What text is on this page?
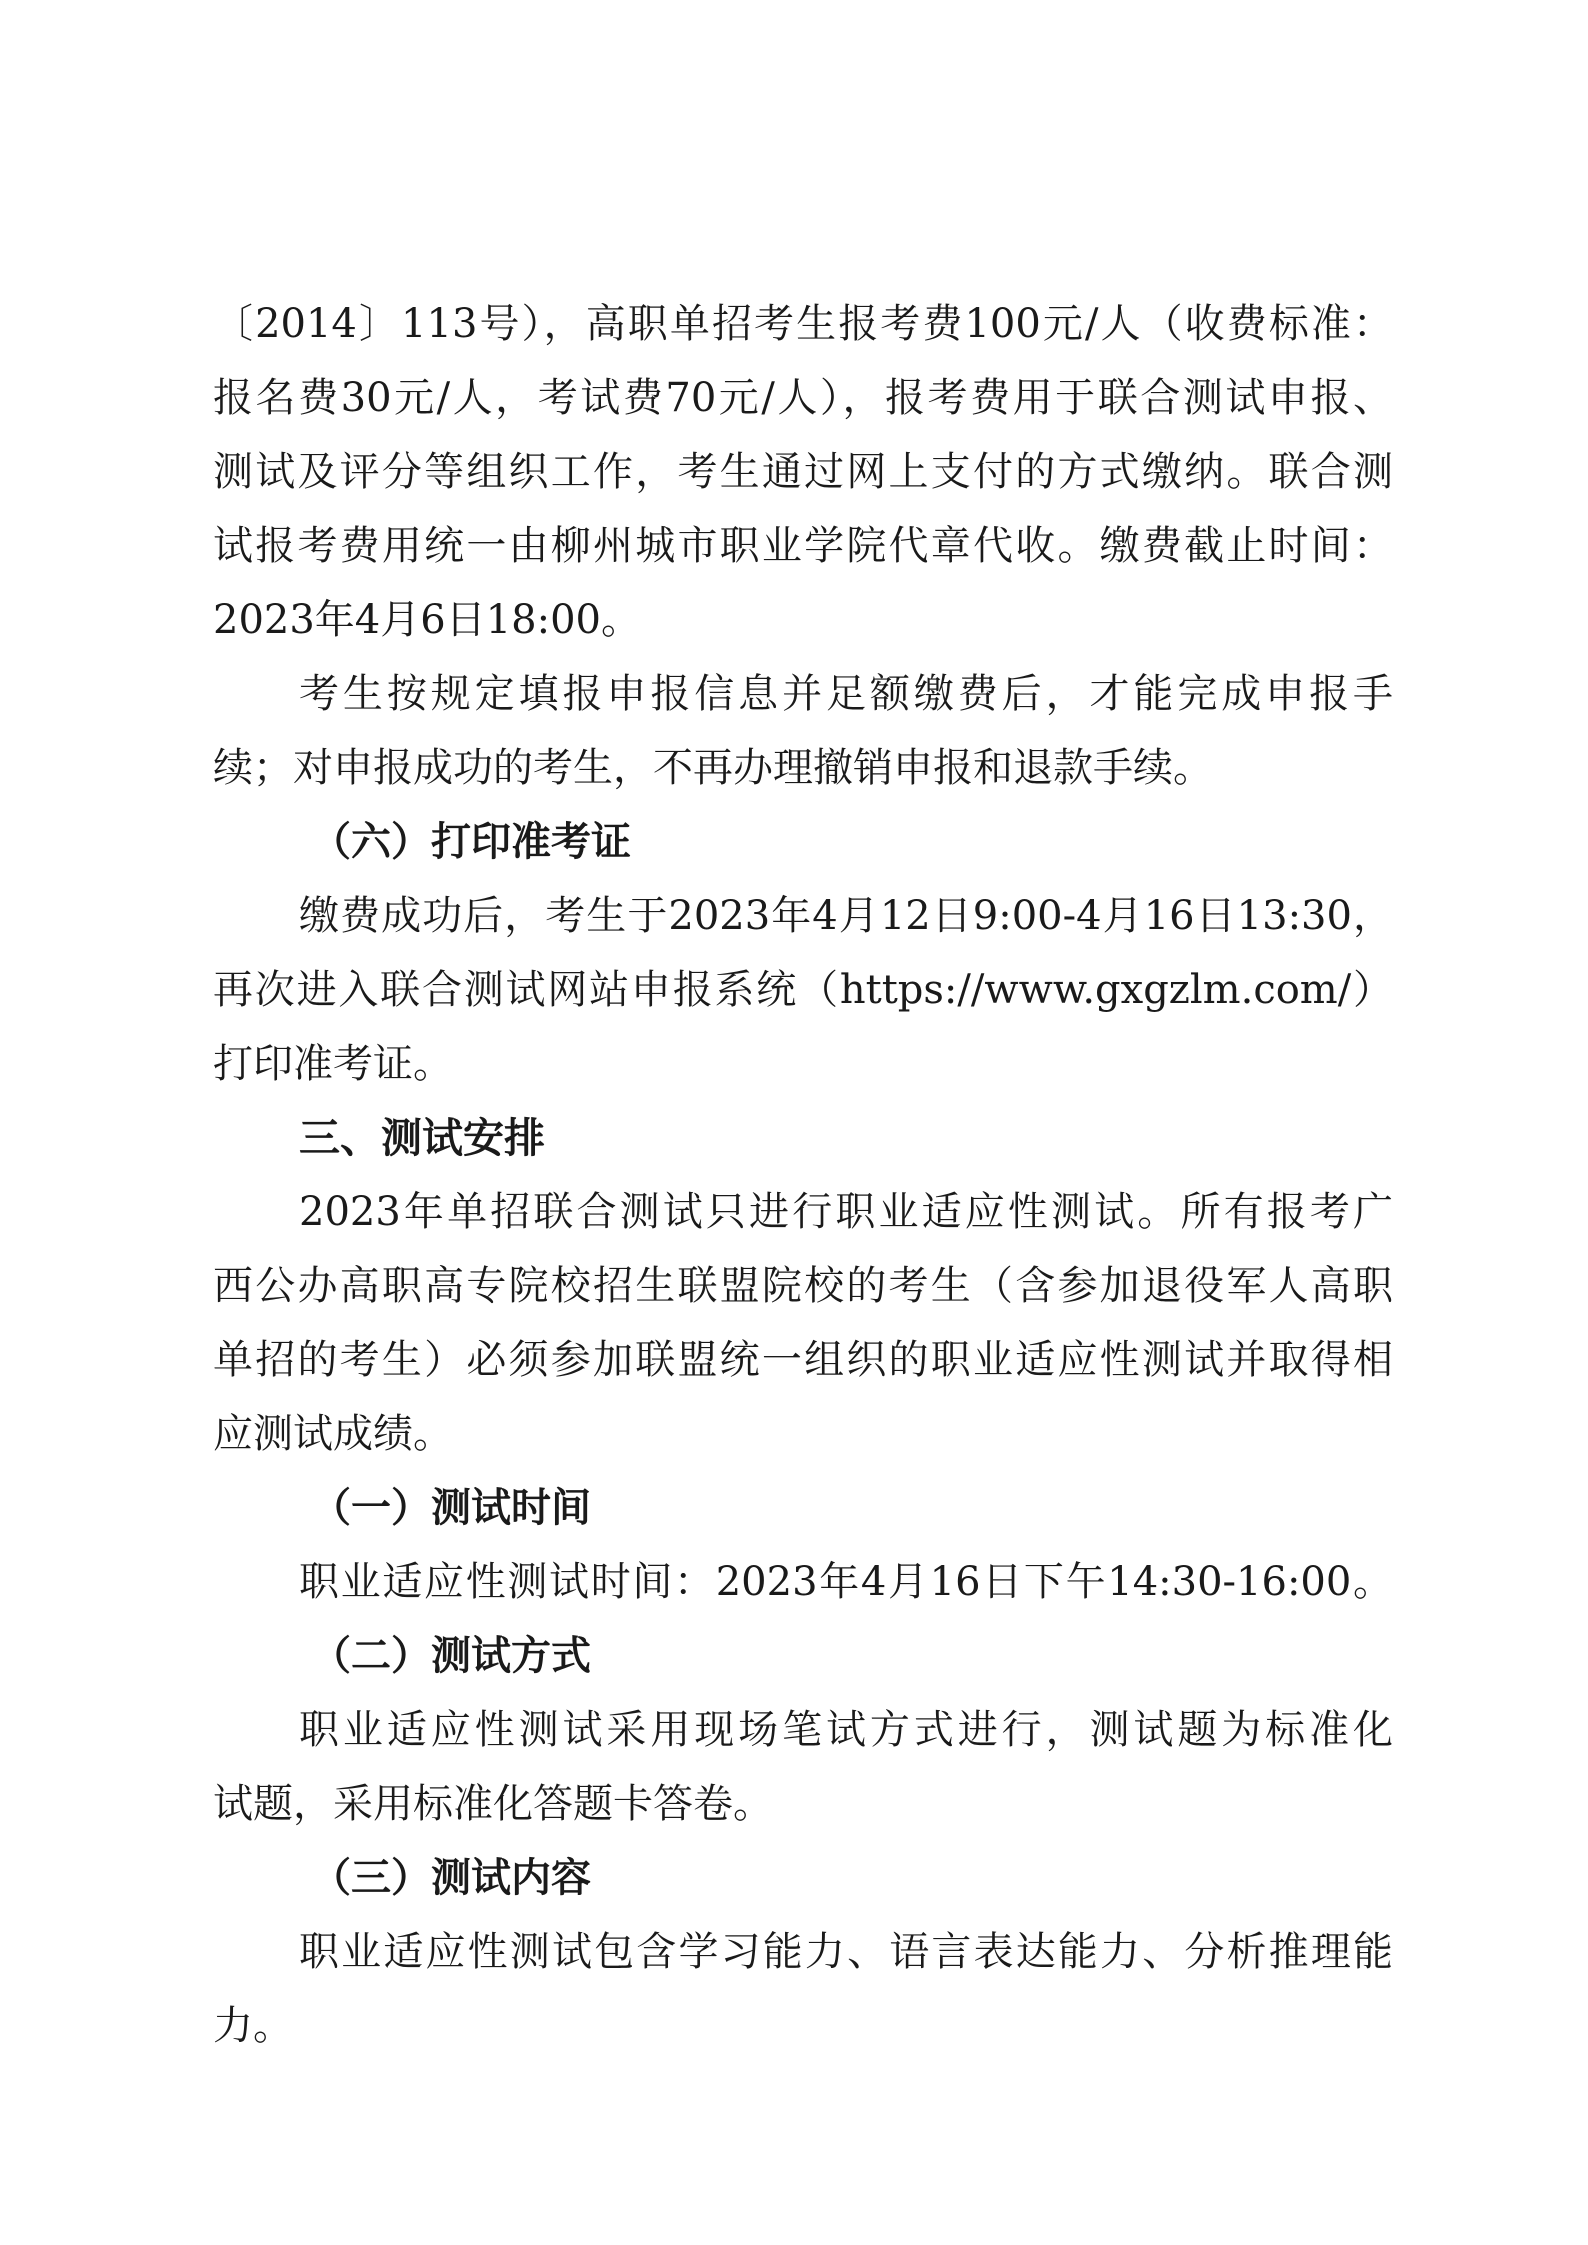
〔2014〕113号），高职单招考生报考费100元/人（收费标准：
报名费30元/人，考试费70元/人），报考费用于联合测试申报、
测试及评分等组织工作，考生通过网上支付的方式缴纳。联合测
试报考费用统一由柳州城市职业学院代章代收。缴费截止时间：
2023年4月6日18:00。
考生按规定填报申报信息并足额缴费后，才能完成申报手
续；对申报成功的考生，不再办理撤销申报和退款手续。
（六）打印准考证
缴费成功后，考生于2023年4月12日9:00-4月16日13:30，
再次进入联合测试网站申报系统（https://www.gxgzlm.com/）
打印准考证。
三、测试安排
2023年单招联合测试只进行职业适应性测试。所有报考广
西公办高职高专院校招生联盟院校的考生（含参加退役军人高职
单招的考生）必须参加联盟统一组织的职业适应性测试并取得相
应测试成绩。
（一）测试时间
职业适应性测试时间：2023年4月16日下午14:30-16:00。
（二）测试方式
职业适应性测试采用现场笔试方式进行，测试题为标准化
试题，采用标准化答题卡答卷。
（三）测试内容
职业适应性测试包含学习能力、语言表达能力、分析推理能
力。
